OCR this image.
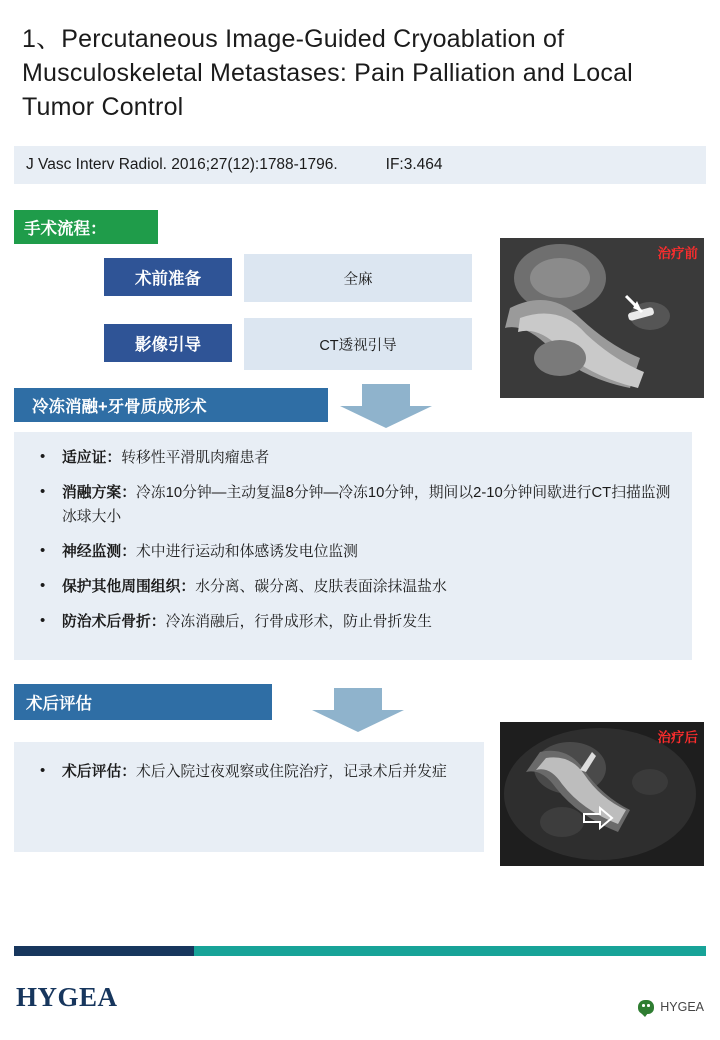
1、Percutaneous Image-Guided Cryoablation of Musculoskeletal Metastases: Pain Palliation and Local Tumor Control
J Vasc Interv Radiol. 2016;27(12):1788-1796.	IF:3.464
手术流程：
术前准备	全麻
影像引导	CT透视引导
冷冻消融+牙骨质成形术
• 适应证：转移性平滑肌肉瘤患者
• 消融方案：冷冻10分钟—主动复温8分钟—冷冻10分钟，期间以2-10分钟间歇进行CT扫描监测冰球大小
• 神经监测：术中进行运动和体感诱发电位监测
• 保护其他周围组织：水分离、碳分离、皮肤表面涂抹温盐水
• 防治术后骨折：冷冻消融后，行骨成形术，防止骨折发生
术后评估
• 术后评估：术后入院过夜观察或住院治疗，记录术后并发症
治疗前
治疗后
HYGEA	HYGEA
